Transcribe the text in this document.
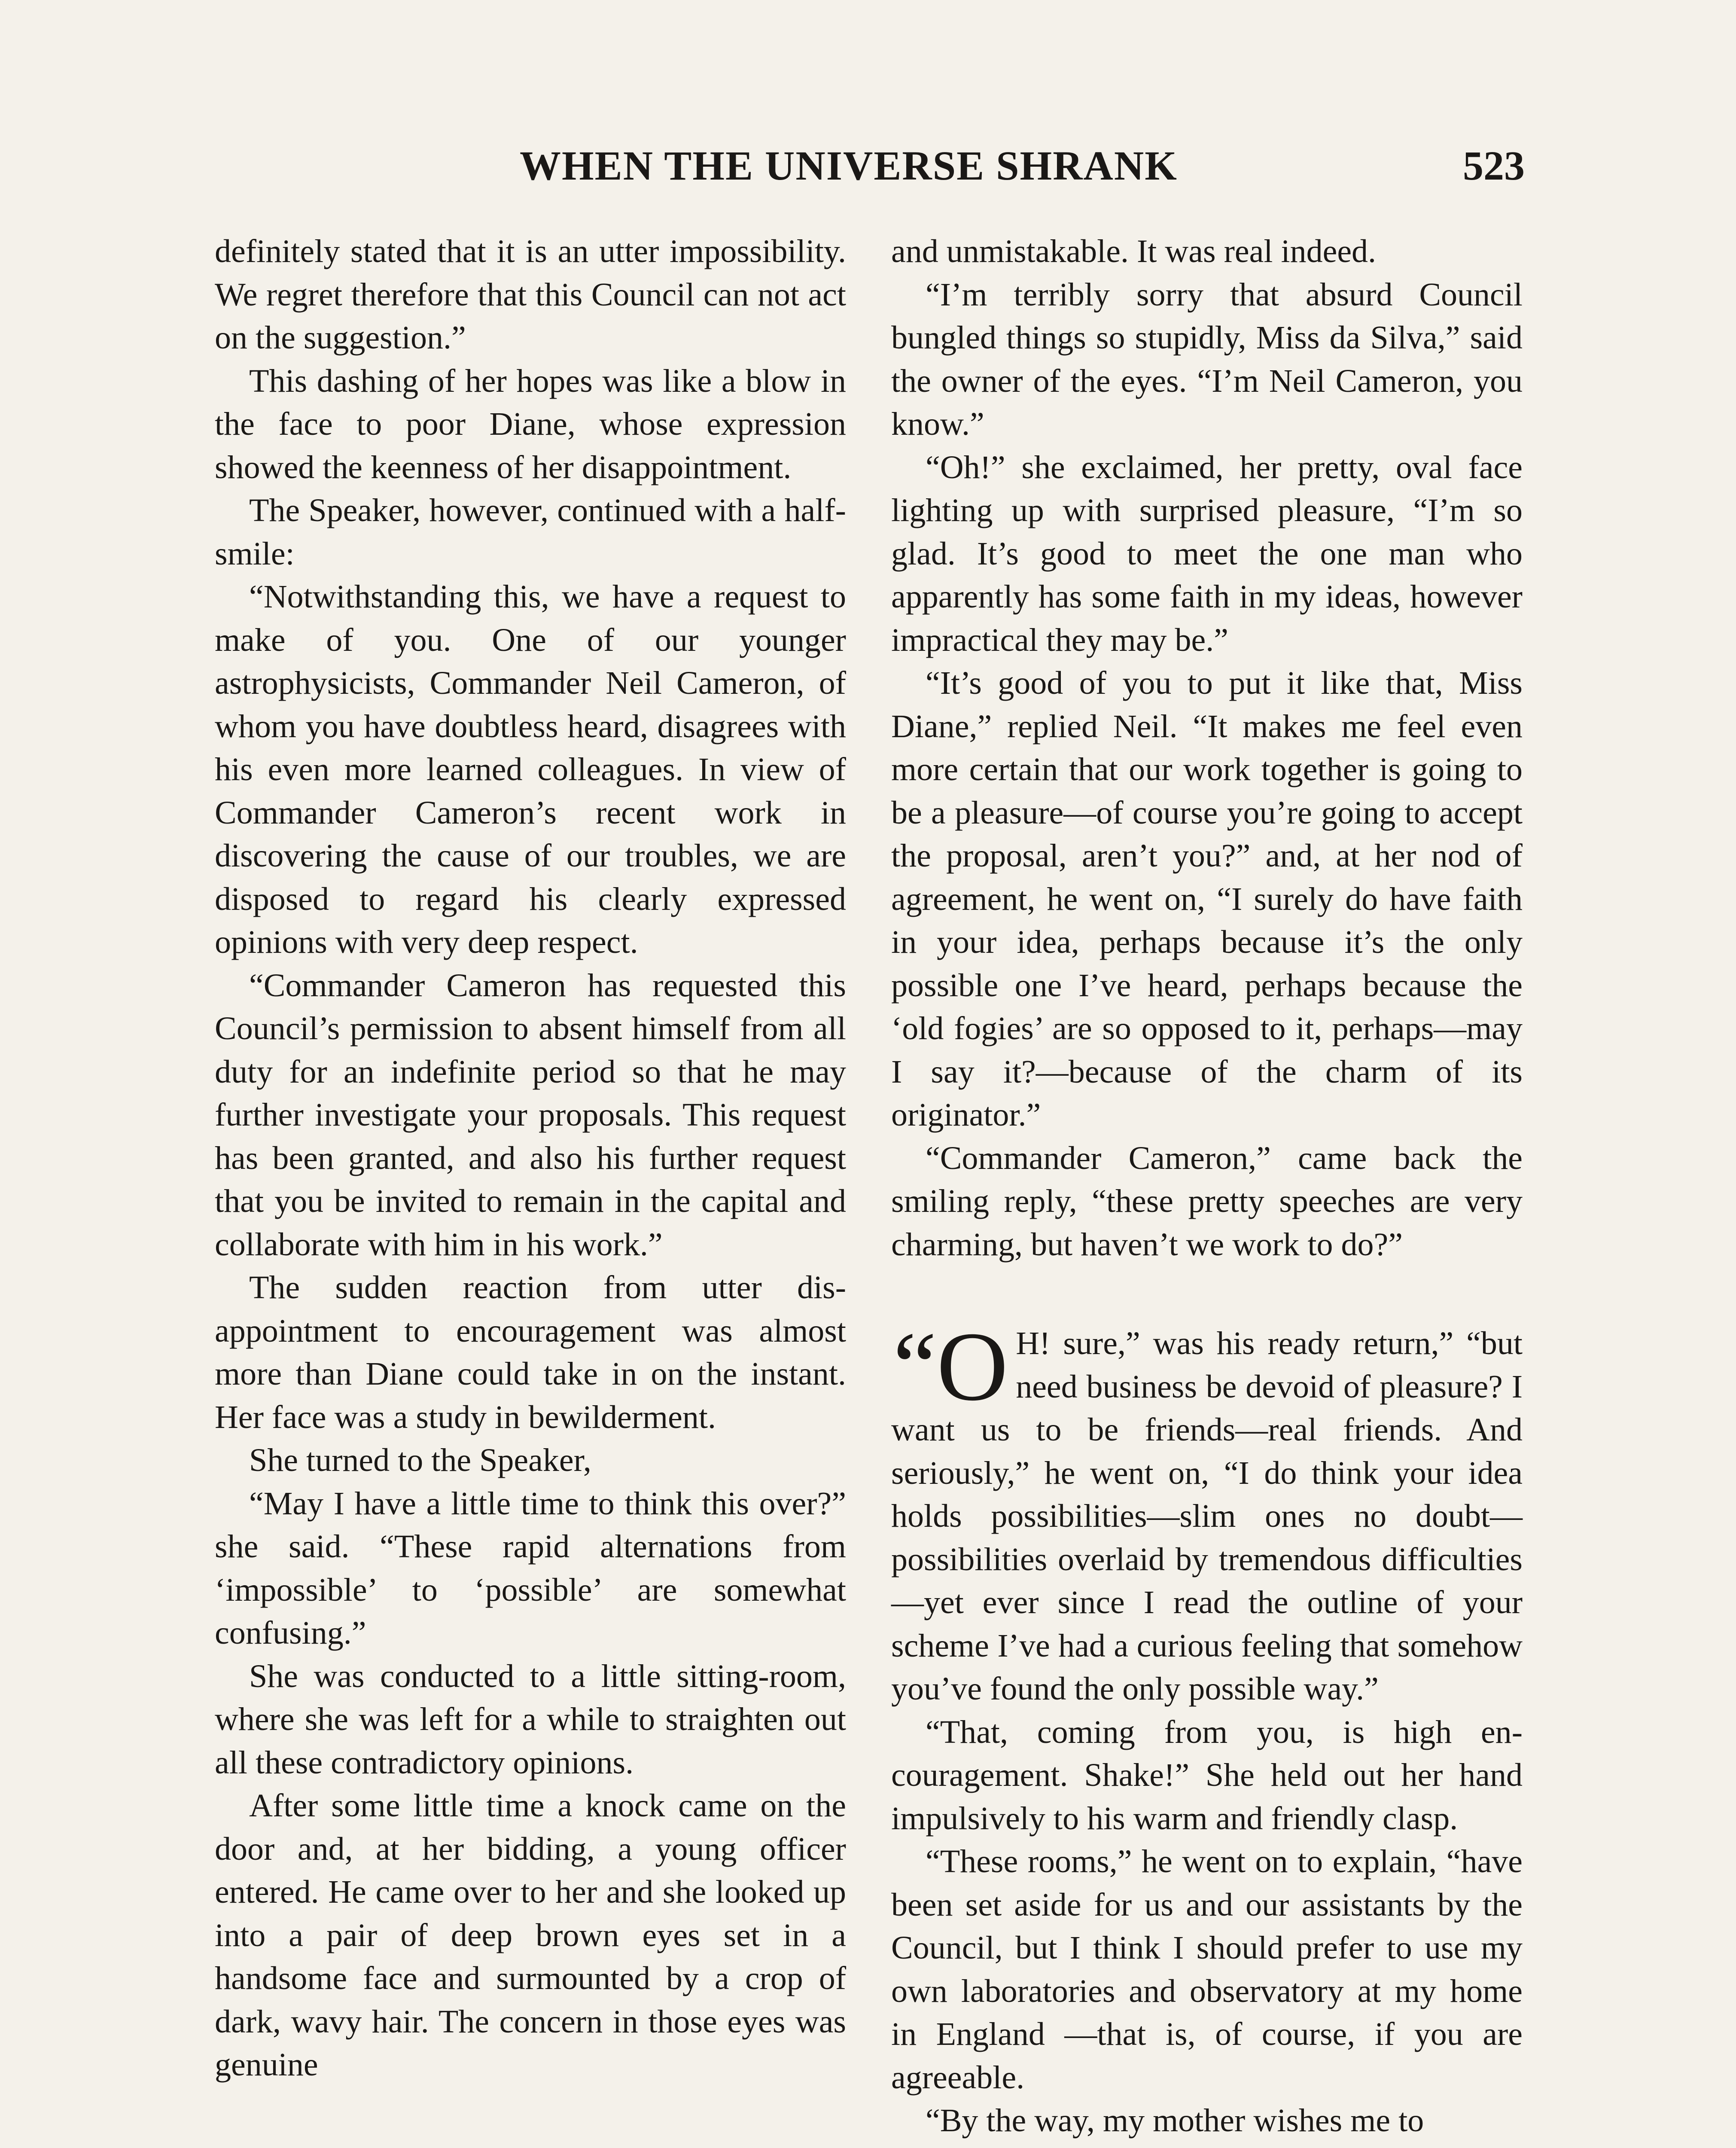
WHEN THE UNIVERSE SHRANK	523

definitely stated that it is an utter impossibility. We regret therefore that this Council can not act on the suggestion.”

This dashing of her hopes was like a blow in the face to poor Diane, whose expression showed the keenness of her disappointment.

The Speaker, however, continued with a half-smile:

“Notwithstanding this, we have a request to make of you. One of our younger astrophysicists, Commander Neil Cameron, of whom you have doubtless heard, disagrees with his even more learned colleagues. In view of Commander Cameron’s recent work in discovering the cause of our troubles, we are disposed to regard his clearly expressed opinions with very deep respect.

“Commander Cameron has requested this Council’s permission to absent himself from all duty for an indefinite period so that he may further investigate your proposals. This request has been granted, and also his further request that you be invited to remain in the capital and collaborate with him in his work.”

The sudden reaction from utter disappointment to encouragement was almost more than Diane could take in on the instant. Her face was a study in bewilderment.

She turned to the Speaker,

“May I have a little time to think this over?” she said. “These rapid alternations from ‘impossible’ to ‘possible’ are somewhat confusing.”

She was conducted to a little sitting-room, where she was left for a while to straighten out all these contradictory opinions.

After some little time a knock came on the door and, at her bidding, a young officer entered. He came over to her and she looked up into a pair of deep brown eyes set in a handsome face and surmounted by a crop of dark, wavy hair. The concern in those eyes was genuine

and unmistakable. It was real indeed.

“I’m terribly sorry that absurd Council bungled things so stupidly, Miss da Silva,” said the owner of the eyes. “I’m Neil Cameron, you know.”

“Oh!” she exclaimed, her pretty, oval face lighting up with surprised pleasure, “I’m so glad. It’s good to meet the one man who apparently has some faith in my ideas, however impractical they may be.”

“It’s good of you to put it like that, Miss Diane,” replied Neil. “It makes me feel even more certain that our work together is going to be a pleasure—of course you’re going to accept the proposal, aren’t you?” and, at her nod of agreement, he went on, “I surely do have faith in your idea, perhaps because it’s the only possible one I’ve heard, perhaps because the ‘old fogies’ are so opposed to it, perhaps—may I say it?—because of the charm of its originator.”

“Commander Cameron,” came back the smiling reply, “these pretty speeches are very charming, but haven’t we work to do?”

“O H! sure,” was his ready return,” “but need business be devoid of pleasure? I want us to be friends—real friends. And seriously,” he went on, “I do think your idea holds possibilities—slim ones no doubt—possibilities overlaid by tremendous difficulties—yet ever since I read the outline of your scheme I’ve had a curious feeling that somehow you’ve found the only possible way.”

“That, coming from you, is high encouragement. Shake!” She held out her hand impulsively to his warm and friendly clasp.

“These rooms,” he went on to explain, “have been set aside for us and our assistants by the Council, but I think I should prefer to use my own laboratories and observatory at my home in England —that is, of course, if you are agreeable.

“By the way, my mother wishes me to
